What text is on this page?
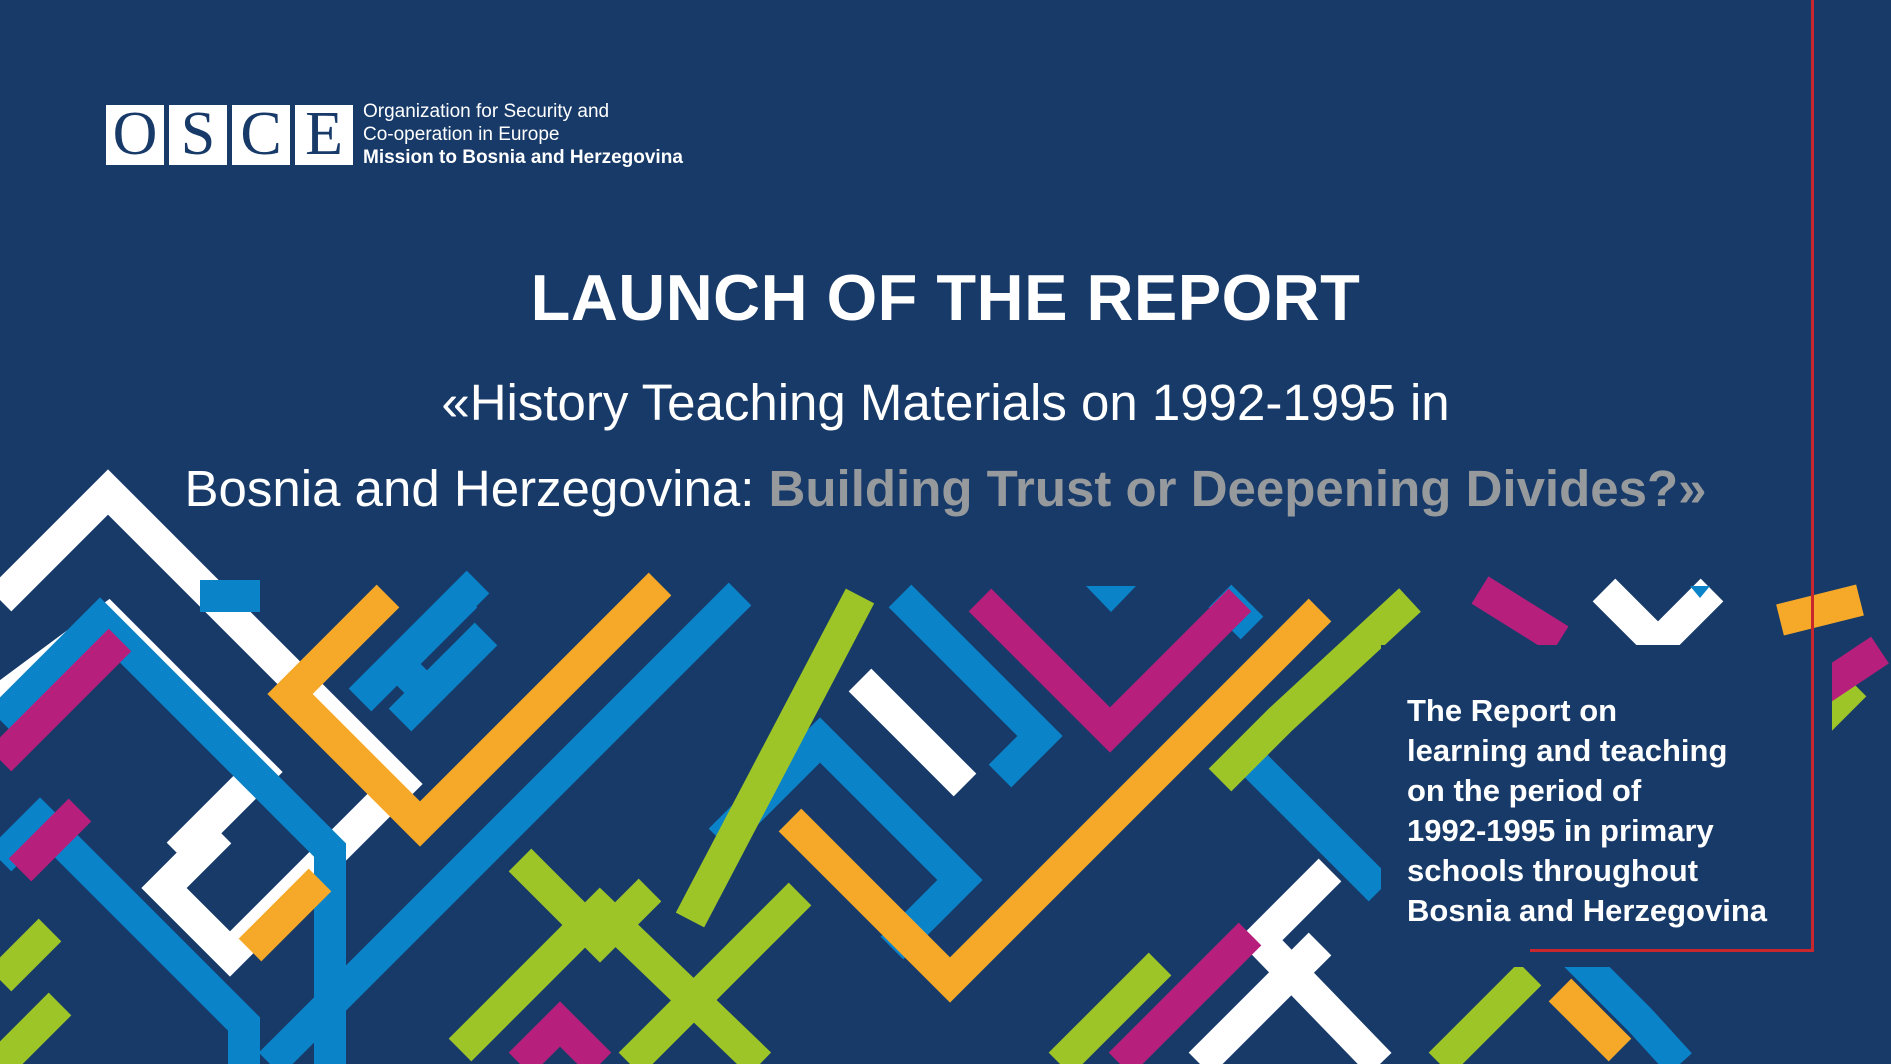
O S C E	Organization for Security and
Co-operation in Europe
Mission to Bosnia and Herzegovina
LAUNCH OF THE REPORT
«History Teaching Materials on 1992-1995 in
Bosnia and Herzegovina: Building Trust or Deepening Divides?»
The Report on
learning and teaching
on the period of
1992-1995 in primary
schools throughout
Bosnia and Herzegovina
